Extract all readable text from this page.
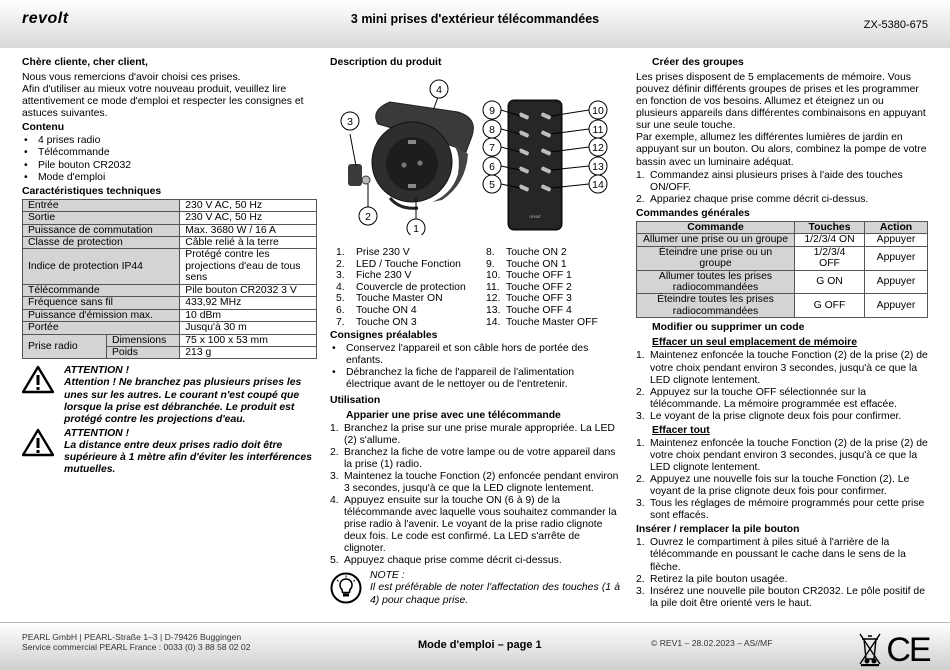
revolt	3 mini prises d'extérieur télécommandées	ZX-5380-675
Chère cliente, cher client,

Nous vous remercions d'avoir choisi ces prises.

Afin d'utiliser au mieux votre nouveau produit, veuillez lire attentivement ce mode d'emploi et respecter les consignes et astuces suivantes.

Contenu
• 4 prises radio
• Télécommande
• Pile bouton CR2032
• Mode d'emploi
Caractéristiques techniques
Entrée		230 V AC, 50 Hz
Sortie		230 V AC, 50 Hz
Puissance de commutation		Max. 3680 W / 16 A
Classe de protection		Câble relié à la terre
Indice de protection IP44		Protégé contre les projections d'eau de tous sens
Télécommande		Pile bouton CR2032 3 V
Fréquence sans fil		433,92 MHz
Puissance d'émission max.		10 dBm
Portée		Jusqu'à 30 m
Prise radio	Dimensions	75 x 100 x 53 mm
	Poids	213 g
ATTENTION !
Attention ! Ne branchez pas plusieurs prises les unes sur les autres. Le courant n'est coupé que lorsque la prise est débranchée. Le produit est protégé contre les projections d'eau.
ATTENTION !
La distance entre deux prises radio doit être supérieure à 1 mètre afin d'éviter les interférences mutuelles.
Description du produit
1
2
3
4
revolt
9
8
7
6
5
10
11
12
13
14
1. Prise 230 V
2. LED / Touche Fonction
3. Fiche 230 V
4. Couvercle de protection
5. Touche Master ON
6. Touche ON 4
7. Touche ON 3
8. Touche ON 2
9. Touche ON 1
10. Touche OFF 1
11. Touche OFF 2
12. Touche OFF 3
13. Touche OFF 4
14. Touche Master OFF
Consignes préalables
• Conservez l'appareil et son câble hors de portée des enfants.
• Débranchez la fiche de l'appareil de l'alimentation électrique avant de le nettoyer ou de l'entretenir.
Utilisation
Apparier une prise avec une télécommande
1. Branchez la prise sur une prise murale appropriée. La LED (2) s'allume.
2. Branchez la fiche de votre lampe ou de votre appareil dans la prise (1) radio.
3. Maintenez la touche Fonction (2) enfoncée pendant environ 3 secondes, jusqu'à ce que la LED clignote lentement.
4. Appuyez ensuite sur la touche ON (6 à 9) de la télécommande avec laquelle vous souhaitez commander la prise radio à l'avenir. Le voyant de la prise radio clignote deux fois. Le code est confirmé. La LED s'arrête de clignoter.
5. Appuyez chaque prise comme décrit ci-dessus.
NOTE :
Il est préférable de noter l'affectation des touches (1 à 4) pour chaque prise.
Créer des groupes

Les prises disposent de 5 emplacements de mémoire. Vous pouvez définir différents groupes de prises et les programmer en fonction de vos besoins. Allumez et éteignez un ou plusieurs appareils dans différentes combinaisons en appuyant sur une seule touche.

Par exemple, allumez les différentes lumières de jardin en appuyant sur un bouton. Ou alors, combinez la pompe de votre bassin avec un luminaire adéquat.

1. Commandez ainsi plusieurs prises à l'aide des touches ON/OFF.
2. Appariez chaque prise comme décrit ci-dessus.
Commandes générales
Commande	Touches	Action
Allumer une prise ou un groupe	1/2/3/4 ON	Appuyer
Éteindre une prise ou un groupe	1/2/3/4 OFF	Appuyer
Allumer toutes les prises radiocommandées	G ON	Appuyer
Éteindre toutes les prises radiocommandées	G OFF	Appuyer
Modifier ou supprimer un code
Effacer un seul emplacement de mémoire
1. Maintenez enfoncée la touche Fonction (2) de la prise (2) de votre choix pendant environ 3 secondes, jusqu'à ce que la LED clignote lentement.
2. Appuyez sur la touche OFF sélectionnée sur la télécommande. La mémoire programmée est effacée.
3. Le voyant de la prise clignote deux fois pour confirmer.
Effacer tout
1. Maintenez enfoncée la touche Fonction (2) de la prise (2) de votre choix pendant environ 3 secondes, jusqu'à ce que la LED clignote lentement.
2. Appuyez une nouvelle fois sur la touche Fonction (2). Le voyant de la prise clignote deux fois pour confirmer.
3. Tous les réglages de mémoire programmés pour cette prise sont effacés.
Insérer / remplacer la pile bouton
1. Ouvrez le compartiment à piles situé à l'arrière de la télécommande en poussant le cache dans le sens de la flèche.
2. Retirez la pile bouton usagée.
3. Insérez une nouvelle pile bouton CR2032. Le pôle positif de la pile doit être orienté vers le haut.
PEARL GmbH | PEARL-Straße 1–3 | D-79426 Buggingen
Service commercial PEARL France : 0033 (0) 3 88 58 02 02	Mode d'emploi – page 1	© REV1 – 28.02.2023 – AS//MF	CE
